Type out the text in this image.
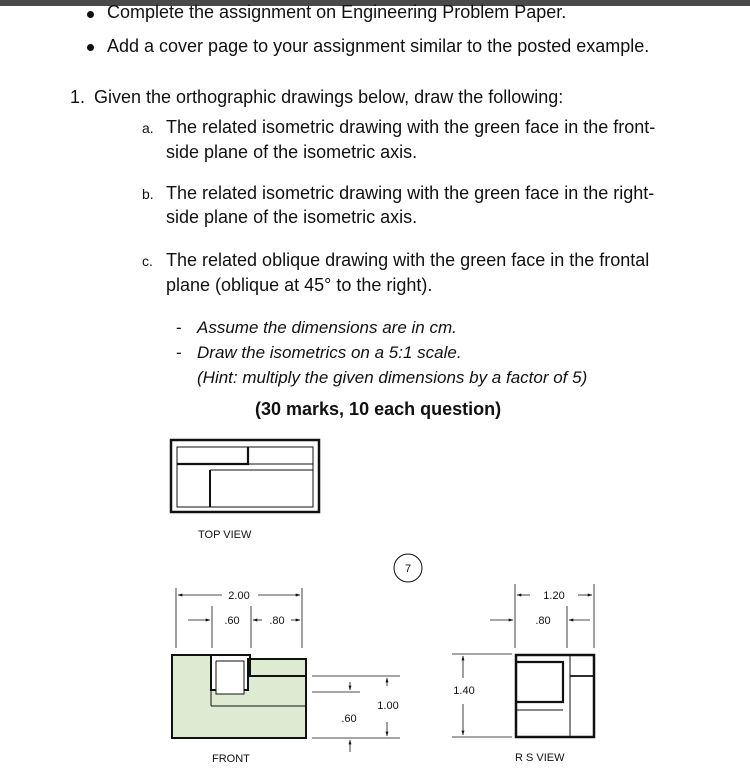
Complete the assignment on Engineering Problem Paper.
Add a cover page to your assignment similar to the posted example.
1. Given the orthographic drawings below, draw the following:
a. The related isometric drawing with the green face in the front-
side plane of the isometric axis.
b. The related isometric drawing with the green face in the right-
side plane of the isometric axis.
c. The related oblique drawing with the green face in the frontal
plane (oblique at 45° to the right).
- Assume the dimensions are in cm.
- Draw the isometrics on a 5:1 scale.
(Hint: multiply the given dimensions by a factor of 5)
(30 marks, 10 each question)
TOP VIEW
7
2.00
.60	.80
FRONT
1.00
.60
1.40
1.20
.80
R S VIEW
